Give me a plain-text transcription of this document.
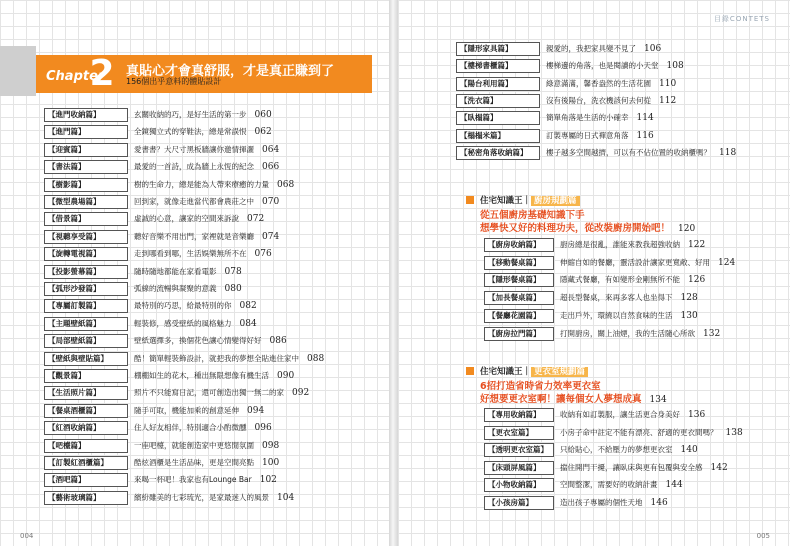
Chapter
2 真貼心才會真舒服，才是真正賺到了
156個出乎意料的體貼設計
【進門收納篇】	玄關收納的巧，是好生活的第一步 060
【進門篇】	全鏡獨立式的穿鞋法，總是常誤恨 062
【迎賓篇】	愛書書？大尺寸黑板牆讓你邀情揮灑 064
【書法篇】	最愛的一首詩，成為牆上永恆的紀念 066
【樹影篇】	樹的生命力，總是能為人帶來療癒的力量 068
【微型農場篇】	回到家，就像走進當代都會農莊之中 070
【借景篇】	虛誠的心意，讓家的空間來訴說 072
【視聽享受篇】	聽好音樂不用出門，家裡就是音樂廳 074
【旋轉電視篇】	走到哪看到哪，生活娛樂無所不在 076
【投影螢幕篇】	隨時隨地都能在家看電影 078
【弧形沙發篇】	弧線的流暢與凝聚的意義 080
【專屬訂製篇】	最特別的巧思，給最特別的你 082
【主題壁紙篇】	輕裝修，感受壁紙的風格魅力 084
【局部壁紙篇】	壁紙選擇多，換個花色讓心情變得好好 086
【壁紙與壁貼篇】	酷！簡單輕裝飾設計，就把我的夢想全貼進住家中 088
【觀景篇】	棚棚如生的花木，種出無限想像有機生活 090
【生活照片篇】	照片不只能寫日記，還可創造出獨一無二的家 092
【餐桌酒櫃篇】	隨手可取，機能加乘的創意延伸 094
【紅酒收納篇】	住人好友相伴，特別適合小酌微醺 096
【吧檯篇】	一座吧檯，就能創造家中更悠閒氛圍 098
【訂製紅酒櫃篇】	酷炫酒櫃是生活品味，更是空間亮點 100
【酒吧篇】	來喝一杯吧！我家也有Lounge Bar 102
【藝術玻璃篇】	繽紛雖美的七彩琉光，是家最迷人的風景 104
004
目錄CONTETS
【隱形家具篇】	親愛的，我把家具變不見了 106
【樓梯書櫃篇】	樓梯邊的角落，也是閱讀的小天堂 108
【陽台利用篇】	綠意滿滿，馨香盎然的生活花園 110
【洗衣篇】	沒有後陽台，洗衣機該何去何從 112
【臥榻篇】	簡單角落是生活的小確幸 114
【榻榻米篇】	訂製專屬的日式禪意角落 116
【秘密角落收納篇】	樓子越多空間越擠，可以有不佔位置的收納櫃嗎？ 118
住宅知識王｜ 廚房規劃篇
從五個廚房基礎知識下手
想學快又好的料理功夫，從改裝廚房開始吧！ 120
【廚房收納篇】	廚房總是很亂，誰能來教我超強收納 122
【移動餐桌篇】	伸縮自如的餐廳，靈活設計讓家更寬敞、好用 124
【隱形餐桌篇】	隱藏式餐廳，有如變形金剛無所不能 126
【加長餐桌篇】	超長型餐桌，來再多客人也坐得下 128
【餐廳花園篇】	走出戶外，環繞以自然食味的生活 130
【廚房拉門篇】	打開廚房，關上油煙，我的生活隨心所欲 132
住宅知識王｜ 更衣室規劃篇
6招打造省時省力效率更衣室
好想要更衣室啊！讓每個女人夢想成真 134
【專用收納篇】	收納有如訂製服，讓生活更合身美好 136
【更衣室篇】	小房子命中註定不能有漂亮、舒適的更衣間嗎？ 138
【透明更衣室篇】	只給貼心，不給壓力的夢想更衣室 140
【床頭屏風篇】	擋住開門干擾，讓臥床與更有包覆與安全感 142
【小物收納篇】	空間整潔，需要好的收納計畫 144
【小孩房篇】	造出孩子專屬的個性天地 146
005
